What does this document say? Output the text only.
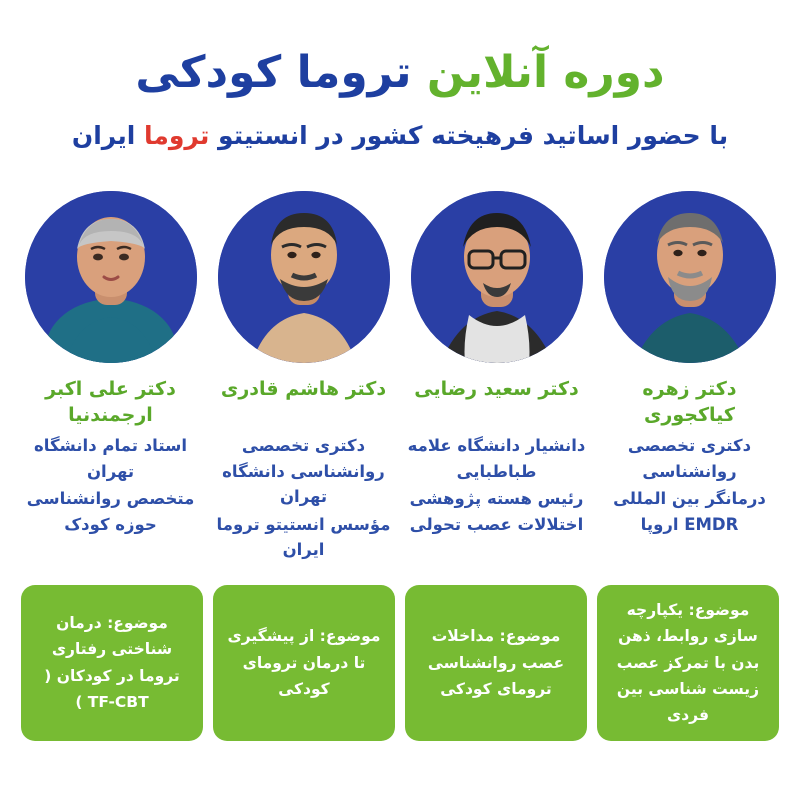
دوره آنلاین تروما کودکی
با حضور اساتید فرهیخته کشور در انستیتو تروما ایران
دکتر علی اکبر ارجمندنیا
استاد تمام دانشگاه تهران
متخصص روانشناسی حوزه کودک
دکتر هاشم قادری
دکتری تخصصی روانشناسی دانشگاه تهران
مؤسس انستیتو تروما ایران
دکتر سعید رضایی
دانشیار دانشگاه علامه طباطبایی
رئیس هسته پژوهشی اختلالات عصب تحولی
دکتر زهره کیاکجوری
دکتری تخصصی روانشناسی
درمانگر بین المللی EMDR اروپا
موضوع: درمان شناختی رفتاری تروما در کودکان ( TF-CBT )
موضوع: از پیشگیری تا درمان تروماى کودکی
موضوع: مداخلات عصب روانشناسی تروماى کودکی
موضوع: یکپارچه سازی روابط، ذهن بدن با تمرکز عصب زیست شناسی بین فردی
